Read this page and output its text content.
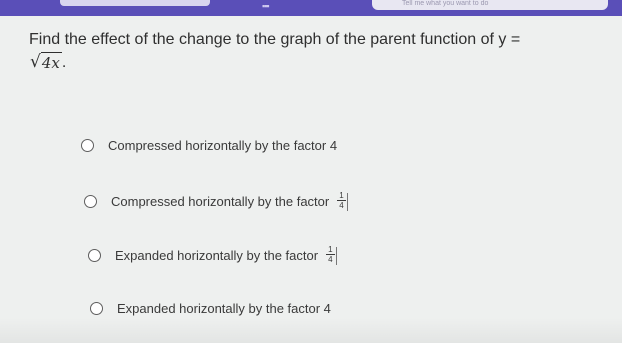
▪▪▪	Tell me what you want to do
Find the effect of the change to the graph of the parent function of y =
√ 4x .
Compressed horizontally by the factor 4
Compressed horizontally by the factor $\frac{1}{4}$
Expanded horizontally by the factor $\frac{1}{4}$
Expanded horizontally by the factor 4
